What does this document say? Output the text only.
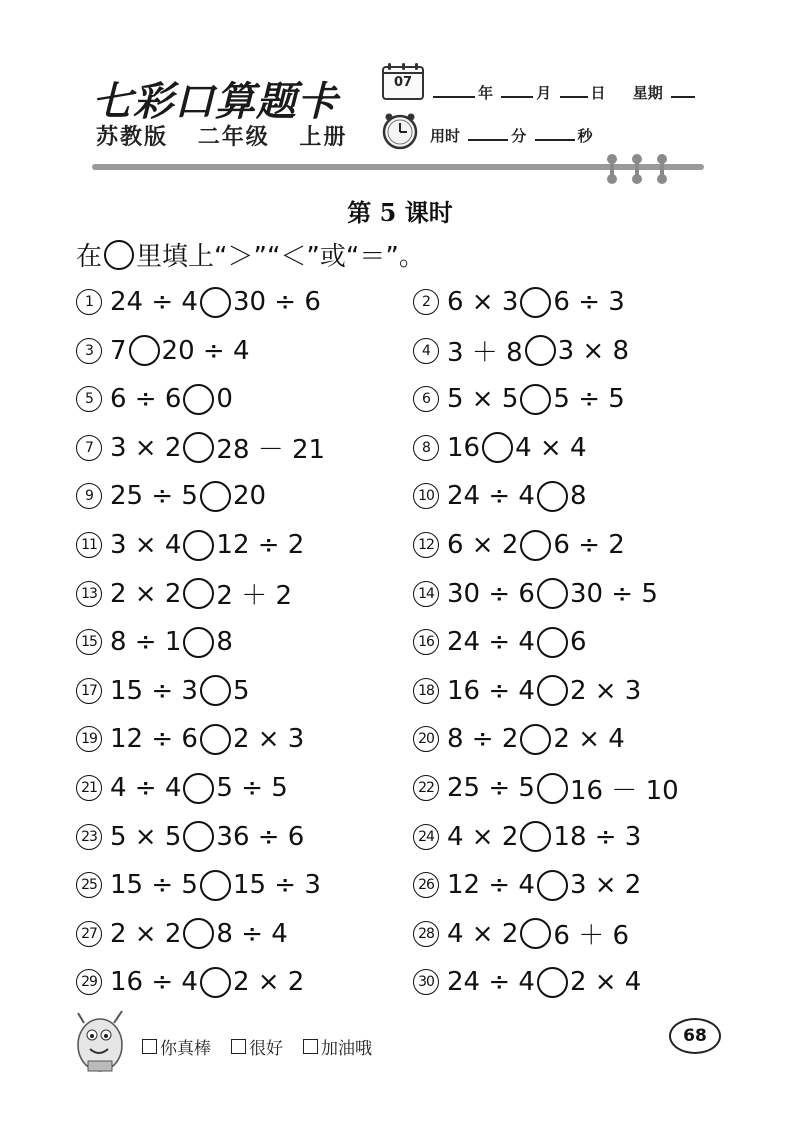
七彩口算题卡
苏教版 二年级 上册
07
年	月	日 星期
用时	分	秒
第 5 课时
在 里填上“＞”“＜”或“＝”。
1 24 ÷ 4 30 ÷ 6	2 6 × 3 6 ÷ 3
3 7 20 ÷ 4	4 3 ＋ 8 3 × 8
5 6 ÷ 6 0	6 5 × 5 5 ÷ 5
7 3 × 2 28 － 21	8 16 4 × 4
9 25 ÷ 5 20	10 24 ÷ 4 8
11 3 × 4 12 ÷ 2	12 6 × 2 6 ÷ 2
13 2 × 2 2 ＋ 2	14 30 ÷ 6 30 ÷ 5
15 8 ÷ 1 8	16 24 ÷ 4 6
17 15 ÷ 3 5	18 16 ÷ 4 2 × 3
19 12 ÷ 6 2 × 3	20 8 ÷ 2 2 × 4
21 4 ÷ 4 5 ÷ 5	22 25 ÷ 5 16 － 10
23 5 × 5 36 ÷ 6	24 4 × 2 18 ÷ 3
25 15 ÷ 5 15 ÷ 3	26 12 ÷ 4 3 × 2
27 2 × 2 8 ÷ 4	28 4 × 2 6 ＋ 6
29 16 ÷ 4 2 × 2	30 24 ÷ 4 2 × 4
你真棒 很好 加油哦
68
